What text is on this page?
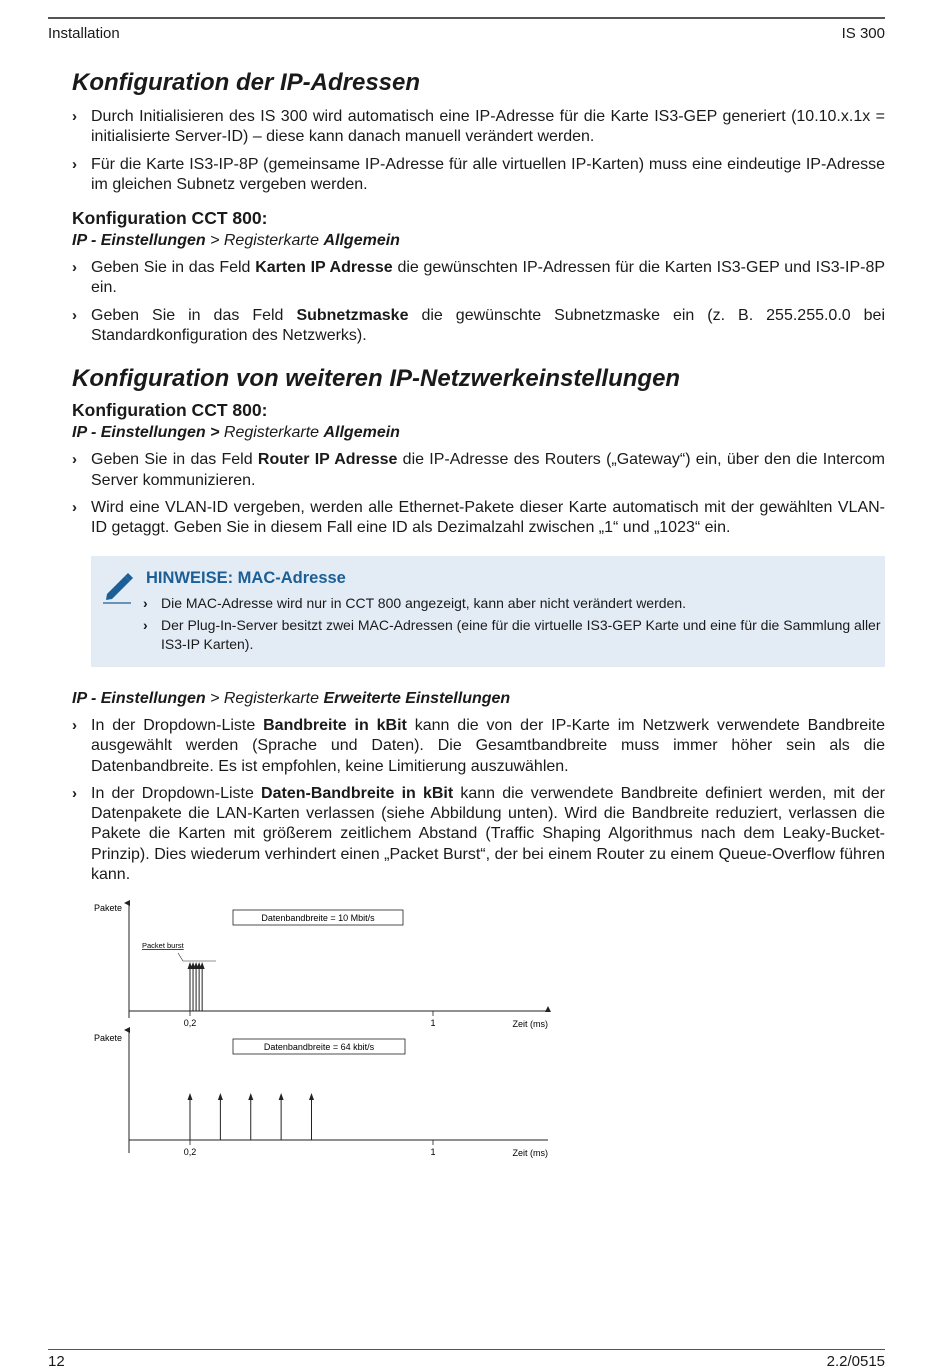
Installation	IS 300
Konfiguration der IP-Adressen
› Durch Initialisieren des IS 300 wird automatisch eine IP-Adresse für die Karte IS3-GEP generiert (10.10.x.1x = initialisierte Server-ID) – diese kann danach manuell verändert werden.
› Für die Karte IS3-IP-8P (gemeinsame IP-Adresse für alle virtuellen IP-Karten) muss eine eindeutige IP-Adresse im gleichen Subnetz vergeben werden.
Konfiguration CCT 800:
IP - Einstellungen > Registerkarte Allgemein
› Geben Sie in das Feld Karten IP Adresse die gewünschten IP-Adressen für die Karten IS3-GEP und IS3-IP-8P ein.
› Geben Sie in das Feld Subnetzmaske die gewünschte Subnetzmaske ein (z. B. 255.255.0.0 bei Standardkonfiguration des Netzwerks).
Konfiguration von weiteren IP-Netzwerkeinstellungen
Konfiguration CCT 800:
IP - Einstellungen > Registerkarte Allgemein
› Geben Sie in das Feld Router IP Adresse die IP-Adresse des Routers („Gateway“) ein, über den die Intercom Server kommunizieren.
› Wird eine VLAN-ID vergeben, werden alle Ethernet-Pakete dieser Karte automatisch mit der gewählten VLAN-ID getaggt. Geben Sie in diesem Fall eine ID als Dezimalzahl zwischen „1“ und „1023“ ein.
HINWEISE: MAC-Adresse
› Die MAC-Adresse wird nur in CCT 800 angezeigt, kann aber nicht verändert werden.
› Der Plug-In-Server besitzt zwei MAC-Adressen (eine für die virtuelle IS3-GEP Karte und eine für die Sammlung aller IS3-IP Karten).
IP - Einstellungen > Registerkarte Erweiterte Einstellungen
› In der Dropdown-Liste Bandbreite in kBit kann die von der IP-Karte im Netzwerk verwendete Bandbreite ausgewählt werden (Sprache und Daten). Die Gesamtbandbreite muss immer höher sein als die Datenbandbreite. Es ist empfohlen, keine Limitierung auszuwählen.
› In der Dropdown-Liste Daten-Bandbreite in kBit kann die verwendete Bandbreite definiert werden, mit der Datenpakete die LAN-Karten verlassen (siehe Abbildung unten). Wird die Bandbreite reduziert, verlassen die Pakete die Karten mit größerem zeitlichem Abstand (Traffic Shaping Algorithmus nach dem Leaky-Bucket-Prinzip). Dies wiederum verhindert einen „Packet Burst“, der bei einem Router zu einem Queue-Overflow führen kann.
Pakete
Datenbandbreite = 10 Mbit/s
Packet burst
0,2	1	Zeit (ms)
Pakete
Datenbandbreite = 64 kbit/s
0,2	1	Zeit (ms)
12	2.2/0515
